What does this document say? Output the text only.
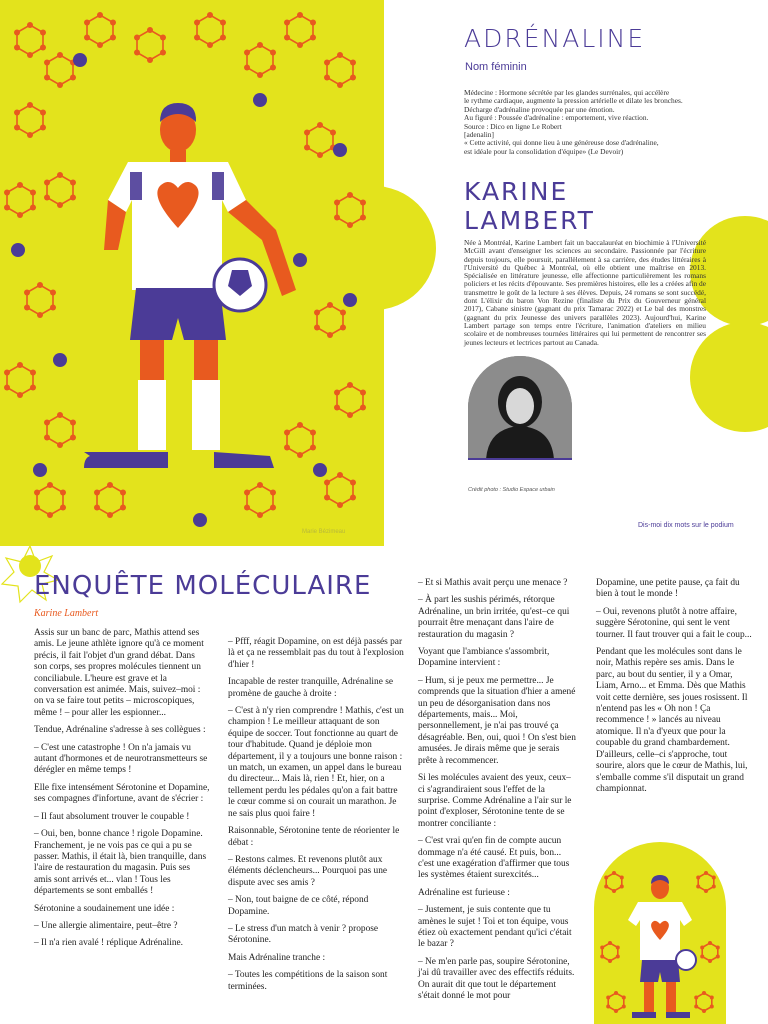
Marie Bézimeau
ADRÉNALINE
Nom féminin
Médecine : Hormone sécrétée par les glandes surrénales, qui accélère
le rythme cardiaque, augmente la pression artérielle et dilate les bronches.
Décharge d'adrénaline provoquée par une émotion.
Au figuré : Poussée d'adrénaline : emportement, vive réaction.
Source : Dico en ligne Le Robert
[adenalin]
« Cette activité, qui donne lieu à une généreuse dose d'adrénaline,
est idéale pour la consolidation d'équipe» (Le Devoir)
KARINE
LAMBERT
Née à Montréal, Karine Lambert fait un baccalauréat en biochimie à l'Université McGill avant d'enseigner les sciences au secondaire. Passionnée par l'écriture depuis toujours, elle poursuit, parallèlement à sa carrière, des études littéraires à l'Université du Québec à Montréal, où elle obtient une maîtrise en 2013. Spécialisée en littérature jeunesse, elle affectionne particulièrement les romans policiers et les récits d'épouvante. Ses premières histoires, elle les a créées afin de transmettre le goût de la lecture à ses élèves. Depuis, 24 romans se sont succédé, dont L'élixir du baron Von Rezine (finaliste du Prix du Gouverneur général 2017), Cabane sinistre (gagnant du prix Tamarac 2022) et Le bal des monstres (gagnant du prix Jeunesse des univers parallèles 2023). Aujourd'hui, Karine Lambert partage son temps entre l'écriture, l'animation d'ateliers en milieu scolaire et de nombreuses tournées littéraires qui lui permettent de rencontrer ses jeunes lecteurs et lectrices partout au Canada.
Crédit photo : Studio Espace urbain
Dis-moi dix mots sur le podium
ENQUÊTE MOLÉCULAIRE
Karine Lambert

Assis sur un banc de parc, Mathis attend ses amis. Le jeune athlète ignore qu'à ce moment précis, il fait l'objet d'un grand débat. Dans son corps, ses propres molécules tiennent un conciliabule. L'heure est grave et la conversation est animée. Mais, suivez–moi : on va se faire tout petits – microscopiques, même ! – pour aller les espionner...

Tendue, Adrénaline s'adresse à ses collègues :

– C'est une catastrophe ! On n'a jamais vu autant d'hormones et de neurotransmetteurs se dérégler en même temps !

Elle fixe intensément Sérotonine et Dopamine, ses compagnes d'infortune, avant de s'écrier :

– Il faut absolument trouver le coupable !

– Oui, ben, bonne chance ! rigole Dopamine. Franchement, je ne vois pas ce qui a pu se passer. Mathis, il était là, bien tranquille, dans l'aire de restauration du magasin. Puis ses amis sont arrivés et... vlan ! Tous les départements se sont emballés !

Sérotonine a soudainement une idée :

– Une allergie alimentaire, peut–être ?

– Il n'a rien avalé ! réplique Adrénaline.

– Pfff, réagit Dopamine, on est déjà passés par là et ça ne ressemblait pas du tout à l'explosion d'hier !

Incapable de rester tranquille, Adrénaline se promène de gauche à droite :

– C'est à n'y rien comprendre ! Mathis, c'est un champion ! Le meilleur attaquant de son équipe de soccer. Tout fonctionne au quart de tour d'habitude. Quand je déploie mon département, il y a toujours une bonne raison : un match, un examen, un appel dans le bureau du directeur... Mais là, rien ! Et, hier, on a tellement perdu les pédales qu'on a fait battre le cœur comme si on courait un marathon. Je ne sais plus quoi faire !

Raisonnable, Sérotonine tente de réorienter le débat :

– Restons calmes. Et revenons plutôt aux éléments déclencheurs... Pourquoi pas une dispute avec ses amis ?

– Non, tout baigne de ce côté, répond Dopamine.

– Le stress d'un match à venir ? propose Sérotonine.

Mais Adrénaline tranche :

– Toutes les compétitions de la saison sont terminées.

– Et si Mathis avait perçu une menace ?

– À part les sushis périmés, rétorque Adrénaline, un brin irritée, qu'est–ce qui pourrait être menaçant dans l'aire de restauration du magasin ?

Voyant que l'ambiance s'assombrit, Dopamine intervient :

– Hum, si je peux me permettre... Je comprends que la situation d'hier a amené un peu de désorganisation dans nos départements, mais... Moi, personnellement, je n'ai pas trouvé ça désagréable. Ben, oui, quoi ! On s'est bien amusées. Je dirais même que je serais prête à recommencer.

Si les molécules avaient des yeux, ceux–ci s'agrandiraient sous l'effet de la surprise. Comme Adrénaline a l'air sur le point d'exploser, Sérotonine tente de se montrer conciliante :

– C'est vrai qu'en fin de compte aucun dommage n'a été causé. Et puis, bon... c'est une exagération d'affirmer que tous les systèmes étaient surexcités...

Adrénaline est furieuse :

– Justement, je suis contente que tu amènes le sujet ! Toi et ton équipe, vous étiez où exactement pendant qu'ici c'était le bazar ?

– Ne m'en parle pas, soupire Sérotonine, j'ai dû travailler avec des effectifs réduits. On aurait dit que tout le département s'était donné le mot pour

Dopamine, une petite pause, ça fait du bien à tout le monde !

– Oui, revenons plutôt à notre affaire, suggère Sérotonine, qui sent le vent tourner. Il faut trouver qui a fait le coup...

Pendant que les molécules sont dans le noir, Mathis repère ses amis. Dans le parc, au bout du sentier, il y a Omar, Liam, Arno... et Emma. Dès que Mathis voit cette dernière, ses joues rosissent. Il n'entend pas les « Oh non ! Ça recommence ! » lancés au niveau atomique. Il n'a d'yeux que pour la coupable du grand chambardement. D'ailleurs, celle–ci s'approche, tout sourire, alors que le cœur de Mathis, lui, s'emballe comme s'il disputait un grand championnat.
